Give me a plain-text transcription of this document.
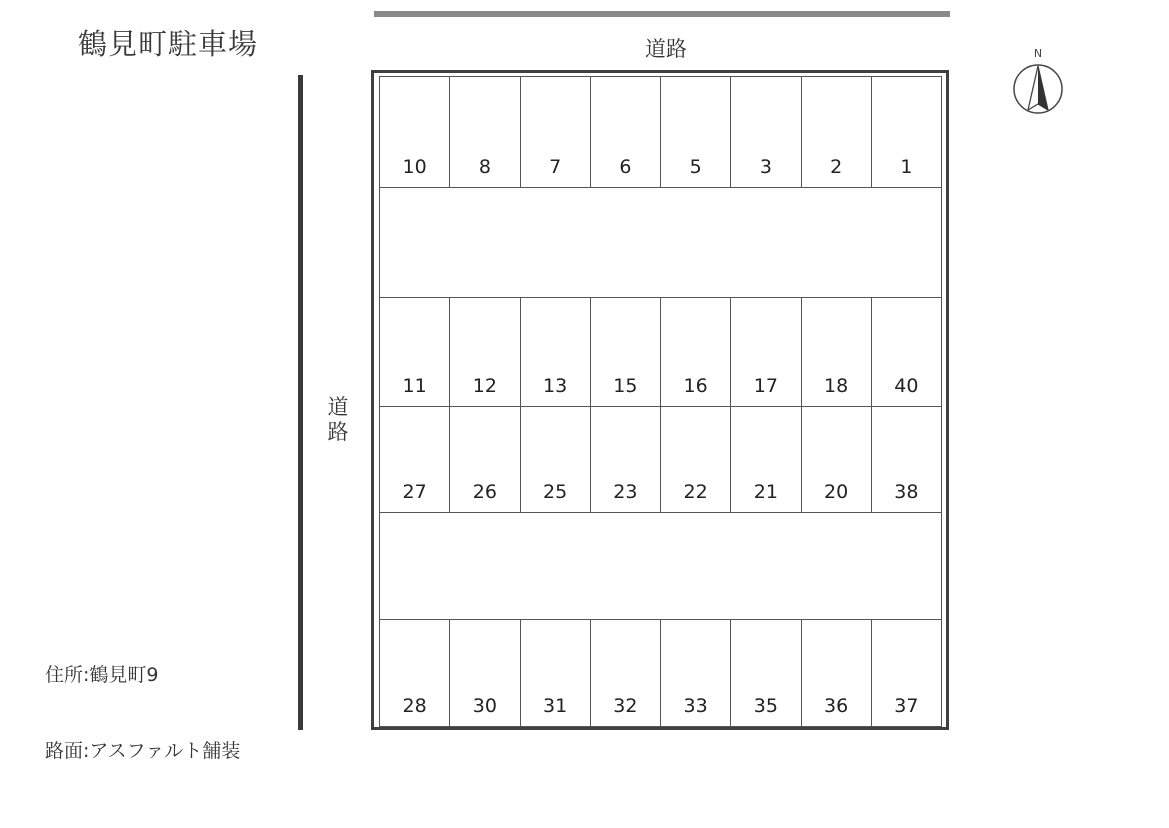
鶴見町駐車場	道路
道路
10	8	7	6	5	3	2	1
11	12	13	15	16	17	18	40
27	26	25	23	22	21	20	38
28	30	31	32	33	35	36	37
N
住所:鶴見町9
路面:アスファルト舗装
